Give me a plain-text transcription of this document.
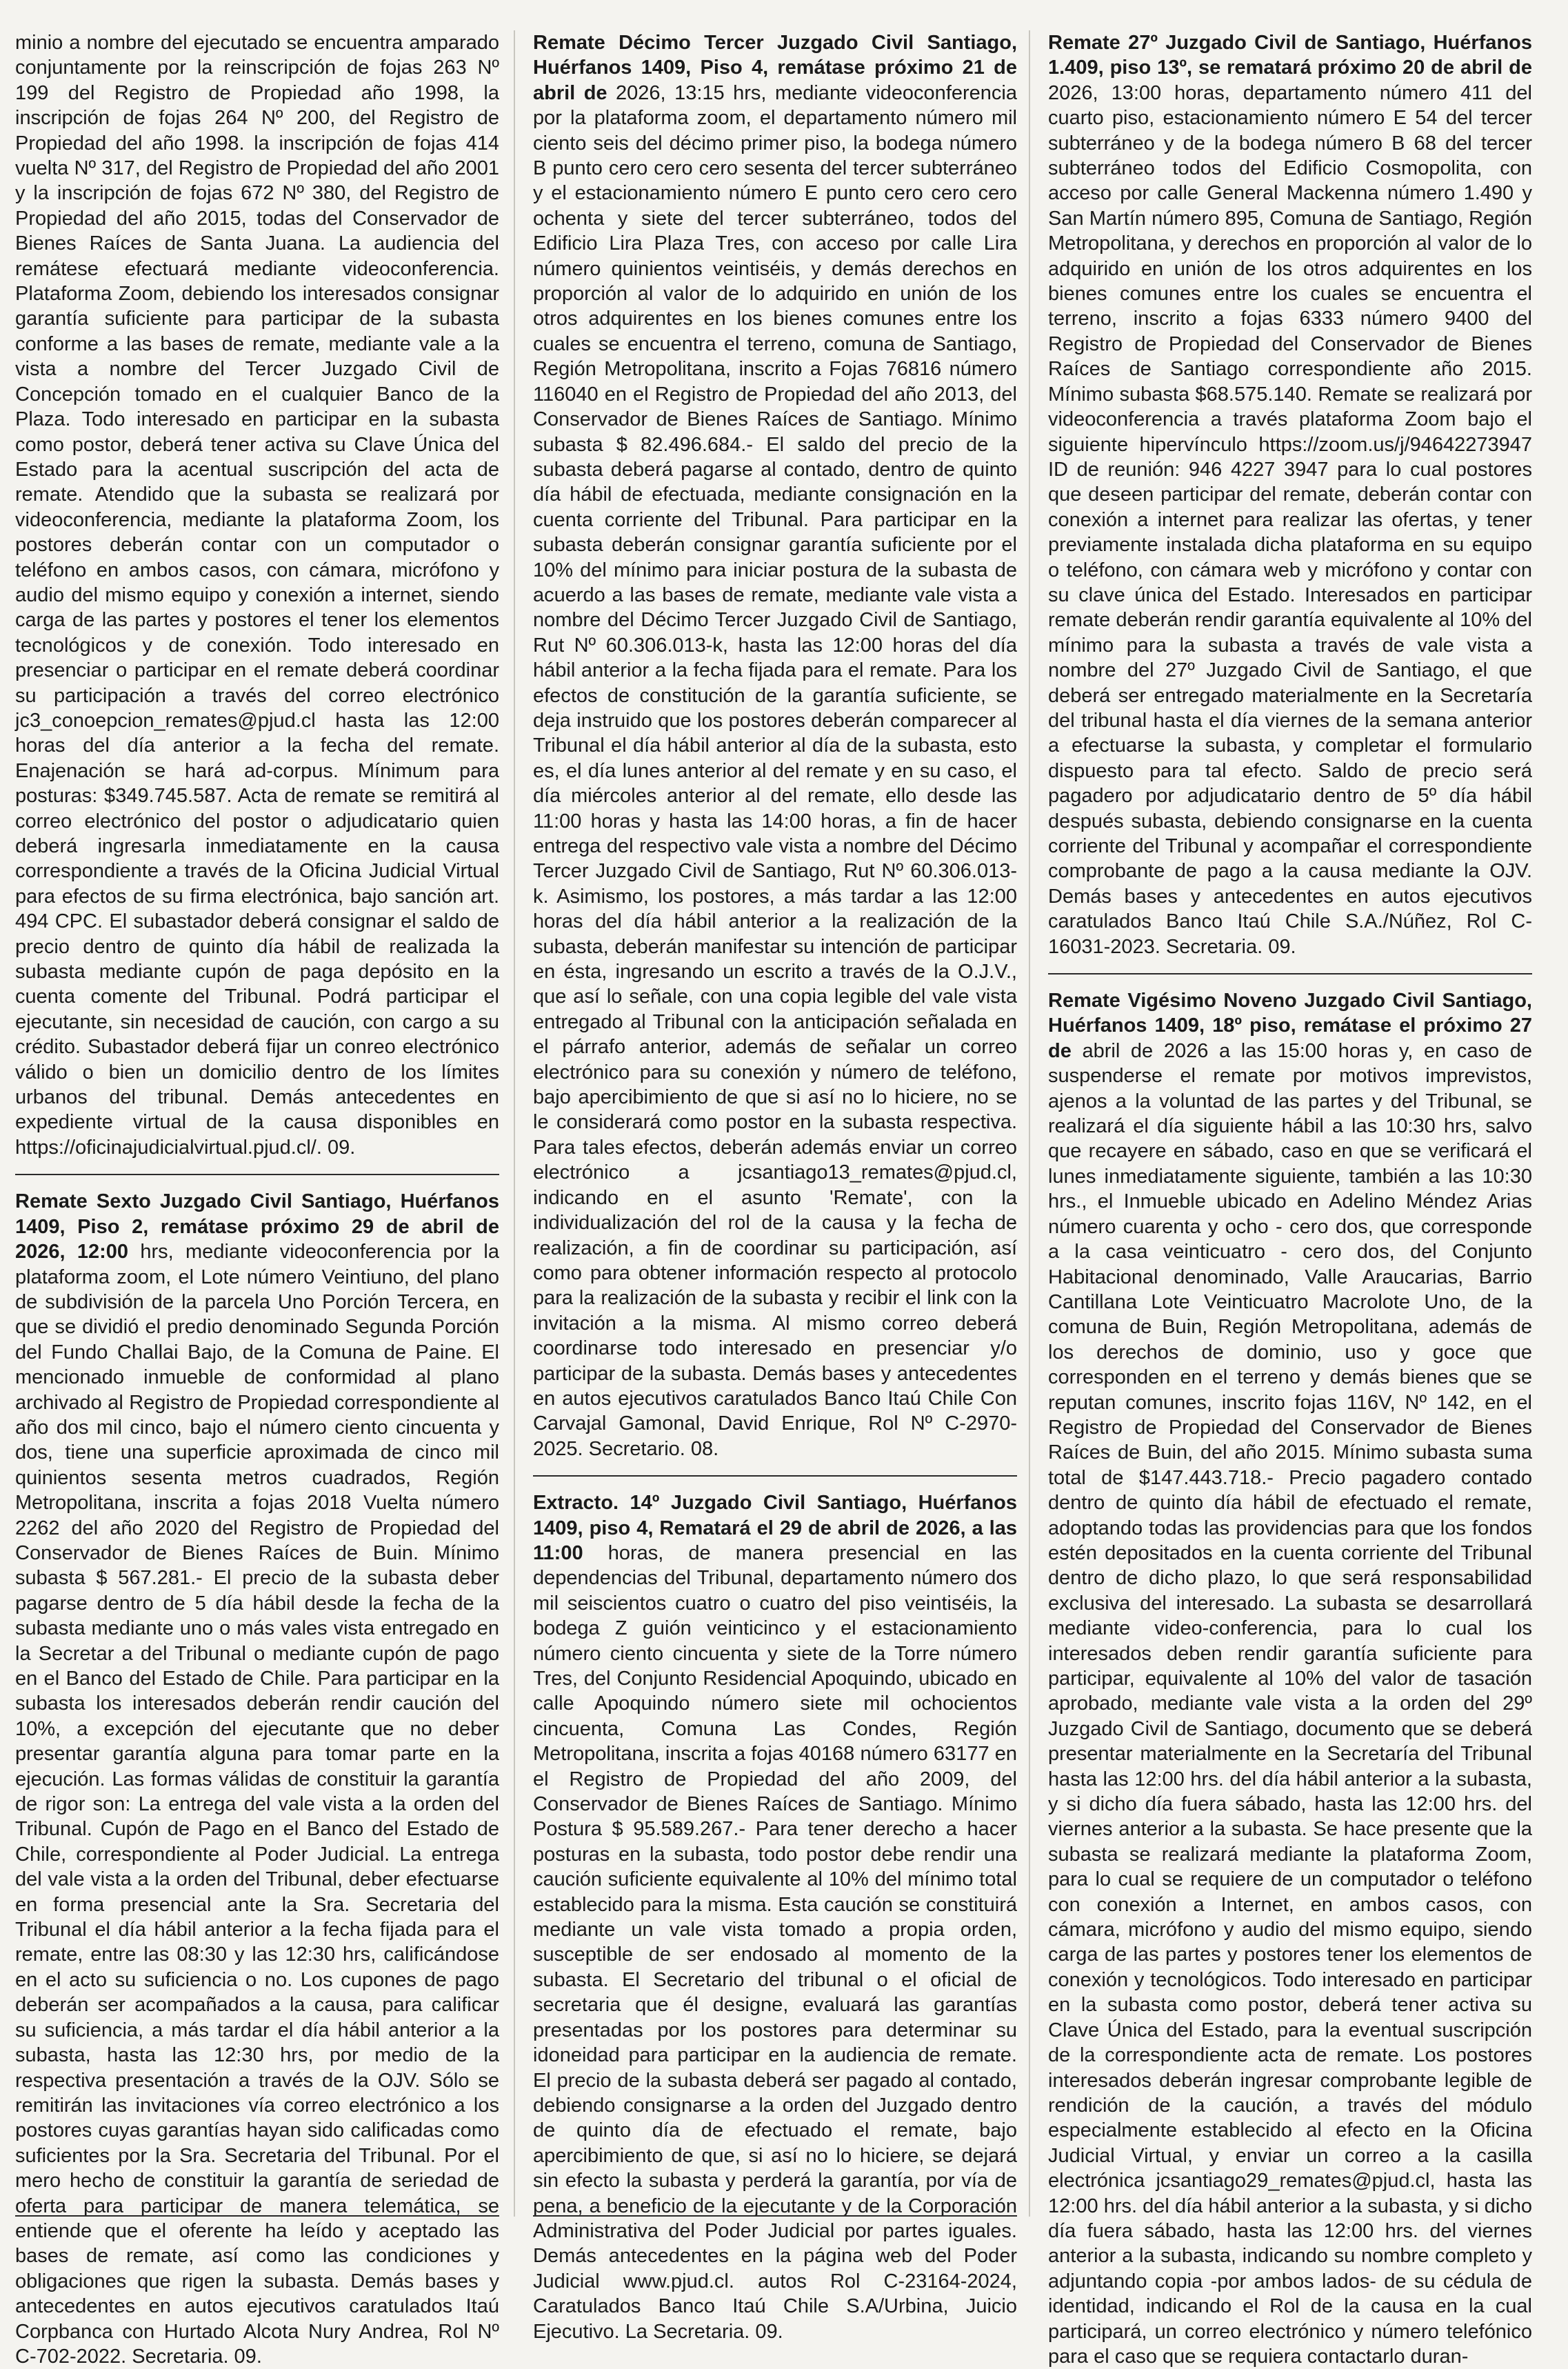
minio a nombre del ejecutado se encuentra amparado conjuntamente por la reinscripción de fojas 263 Nº 199 del Registro de Propiedad año 1998, la inscripción de fojas 264 Nº 200, del Registro de Propiedad del año 1998. la inscripción de fojas 414 vuelta Nº 317, del Registro de Propiedad del año 2001 y la inscripción de fojas 672 Nº 380, del Registro de Propiedad del año 2015, todas del Conservador de Bienes Raíces de Santa Juana. La audiencia del remátese efectuará mediante videoconferencia. Plataforma Zoom, debiendo los interesados consignar garantía suficiente para participar de la subasta conforme a las bases de remate, mediante vale a la vista a nombre del Tercer Juzgado Civil de Concepción tomado en el cualquier Banco de la Plaza. Todo interesado en participar en la subasta como postor, deberá tener activa su Clave Única del Estado para la acentual suscripción del acta de remate. Atendido que la subasta se realizará por videoconferencia, mediante la plataforma Zoom, los postores deberán contar con un computador o teléfono en ambos casos, con cámara, micrófono y audio del mismo equipo y conexión a internet, siendo carga de las partes y postores el tener los elementos tecnológicos y de conexión. Todo interesado en presenciar o participar en el remate deberá coordinar su participación a través del correo electrónico jc3_conoepcion_remates@pjud.cl hasta las 12:00 horas del día anterior a la fecha del remate. Enajenación se hará ad-corpus. Mínimum para posturas: $349.745.587. Acta de remate se remitirá al correo electrónico del postor o adjudicatario quien deberá ingresarla inmediatamente en la causa correspondiente a través de la Oficina Judicial Virtual para efectos de su firma electrónica, bajo sanción art. 494 CPC. El subastador deberá consignar el saldo de precio dentro de quinto día hábil de realizada la subasta mediante cupón de paga depósito en la cuenta comente del Tribunal. Podrá participar el ejecutante, sin necesidad de caución, con cargo a su crédito. Subastador deberá fijar un conreo electrónico válido o bien un domicilio dentro de los límites urbanos del tribunal. Demás antecedentes en expediente virtual de la causa disponibles en https://oficinajudicialvirtual.pjud.cl/. 09.

Remate Sexto Juzgado Civil Santiago, Huérfanos 1409, Piso 2, remátase próximo 29 de abril de 2026, 12:00 hrs, mediante videoconferencia por la plataforma zoom, el Lote número Veintiuno, del plano de subdivisión de la parcela Uno Porción Tercera, en que se dividió el predio denominado Segunda Porción del Fundo Challai Bajo, de la Comuna de Paine. El mencionado inmueble de conformidad al plano archivado al Registro de Propiedad correspondiente al año dos mil cinco, bajo el número ciento cincuenta y dos, tiene una superficie aproximada de cinco mil quinientos sesenta metros cuadrados, Región Metropolitana, inscrita a fojas 2018 Vuelta número 2262 del año 2020 del Registro de Propiedad del Conservador de Bienes Raíces de Buin. Mínimo subasta $ 567.281.- El precio de la subasta deber pagarse dentro de 5 día hábil desde la fecha de la subasta mediante uno o más vales vista entregado en la Secretar a del Tribunal o mediante cupón de pago en el Banco del Estado de Chile. Para participar en la subasta los interesados deberán rendir caución del 10%, a excepción del ejecutante que no deber presentar garantía alguna para tomar parte en la ejecución. Las formas válidas de constituir la garantía de rigor son: La entrega del vale vista a la orden del Tribunal. Cupón de Pago en el Banco del Estado de Chile, correspondiente al Poder Judicial. La entrega del vale vista a la orden del Tribunal, deber efectuarse en forma presencial ante la Sra. Secretaria del Tribunal el día hábil anterior a la fecha fijada para el remate, entre las 08:30 y las 12:30 hrs, calificándose en el acto su suficiencia o no. Los cupones de pago deberán ser acompañados a la causa, para calificar su suficiencia, a más tardar el día hábil anterior a la subasta, hasta las 12:30 hrs, por medio de la respectiva presentación a través de la OJV. Sólo se remitirán las invitaciones vía correo electrónico a los postores cuyas garantías hayan sido calificadas como suficientes por la Sra. Secretaria del Tribunal. Por el mero hecho de constituir la garantía de seriedad de oferta para participar de manera telemática, se entiende que el oferente ha leído y aceptado las bases de remate, así como las condiciones y obligaciones que rigen la subasta. Demás bases y antecedentes en autos ejecutivos caratulados Itaú Corpbanca con Hurtado Alcota Nury Andrea, Rol Nº C-702-2022. Secretaria. 09.

Remate Décimo Tercer Juzgado Civil Santiago, Huérfanos 1409, Piso 4, remátase próximo 21 de abril de 2026, 13:15 hrs, mediante videoconferencia por la plataforma zoom, el departamento número mil ciento seis del décimo primer piso, la bodega número B punto cero cero cero sesenta del tercer subterráneo y el estacionamiento número E punto cero cero cero ochenta y siete del tercer subterráneo, todos del Edificio Lira Plaza Tres, con acceso por calle Lira número quinientos veintiséis, y demás derechos en proporción al valor de lo adquirido en unión de los otros adquirentes en los bienes comunes entre los cuales se encuentra el terreno, comuna de Santiago, Región Metropolitana, inscrito a Fojas 76816 número 116040 en el Registro de Propiedad del año 2013, del Conservador de Bienes Raíces de Santiago. Mínimo subasta $ 82.496.684.- El saldo del precio de la subasta deberá pagarse al contado, dentro de quinto día hábil de efectuada, mediante consignación en la cuenta corriente del Tribunal. Para participar en la subasta deberán consignar garantía suficiente por el 10% del mínimo para iniciar postura de la subasta de acuerdo a las bases de remate, mediante vale vista a nombre del Décimo Tercer Juzgado Civil de Santiago, Rut Nº 60.306.013-k, hasta las 12:00 horas del día hábil anterior a la fecha fijada para el remate. Para los efectos de constitución de la garantía suficiente, se deja instruido que los postores deberán comparecer al Tribunal el día hábil anterior al día de la subasta, esto es, el día lunes anterior al del remate y en su caso, el día miércoles anterior al del remate, ello desde las 11:00 horas y hasta las 14:00 horas, a fin de hacer entrega del respectivo vale vista a nombre del Décimo Tercer Juzgado Civil de Santiago, Rut Nº 60.306.013-k. Asimismo, los postores, a más tardar a las 12:00 horas del día hábil anterior a la realización de la subasta, deberán manifestar su intención de participar en ésta, ingresando un escrito a través de la O.J.V., que así lo señale, con una copia legible del vale vista entregado al Tribunal con la anticipación señalada en el párrafo anterior, además de señalar un correo electrónico para su conexión y número de teléfono, bajo apercibimiento de que si así no lo hiciere, no se le considerará como postor en la subasta respectiva. Para tales efectos, deberán además enviar un correo electrónico a jcsantiago13_remates@pjud.cl, indicando en el asunto 'Remate', con la individualización del rol de la causa y la fecha de realización, a fin de coordinar su participación, así como para obtener información respecto al protocolo para la realización de la subasta y recibir el link con la invitación a la misma. Al mismo correo deberá coordinarse todo interesado en presenciar y/o participar de la subasta. Demás bases y antecedentes en autos ejecutivos caratulados Banco Itaú Chile Con Carvajal Gamonal, David Enrique, Rol Nº C-2970-2025. Secretario. 08.

Extracto. 14º Juzgado Civil Santiago, Huérfanos 1409, piso 4, Rematará el 29 de abril de 2026, a las 11:00 horas, de manera presencial en las dependencias del Tribunal, departamento número dos mil seiscientos cuatro o cuatro del piso veintiséis, la bodega Z guión veinticinco y el estacionamiento número ciento cincuenta y siete de la Torre número Tres, del Conjunto Residencial Apoquindo, ubicado en calle Apoquindo número siete mil ochocientos cincuenta, Comuna Las Condes, Región Metropolitana, inscrita a fojas 40168 número 63177 en el Registro de Propiedad del año 2009, del Conservador de Bienes Raíces de Santiago. Mínimo Postura $ 95.589.267.- Para tener derecho a hacer posturas en la subasta, todo postor debe rendir una caución suficiente equivalente al 10% del mínimo total establecido para la misma. Esta caución se constituirá mediante un vale vista tomado a propia orden, susceptible de ser endosado al momento de la subasta. El Secretario del tribunal o el oficial de secretaria que él designe, evaluará las garantías presentadas por los postores para determinar su idoneidad para participar en la audiencia de remate. El precio de la subasta deberá ser pagado al contado, debiendo consignarse a la orden del Juzgado dentro de quinto día de efectuado el remate, bajo apercibimiento de que, si así no lo hiciere, se dejará sin efecto la subasta y perderá la garantía, por vía de pena, a beneficio de la ejecutante y de la Corporación Administrativa del Poder Judicial por partes iguales. Demás antecedentes en la página web del Poder Judicial www.pjud.cl. autos Rol C-23164-2024, Caratulados Banco Itaú Chile S.A/Urbina, Juicio Ejecutivo. La Secretaria. 09.

Remate 27º Juzgado Civil de Santiago, Huérfanos 1.409, piso 13º, se rematará próximo 20 de abril de 2026, 13:00 horas, departamento número 411 del cuarto piso, estacionamiento número E 54 del tercer subterráneo y de la bodega número B 68 del tercer subterráneo todos del Edificio Cosmopolita, con acceso por calle General Mackenna número 1.490 y San Martín número 895, Comuna de Santiago, Región Metropolitana, y derechos en proporción al valor de lo adquirido en unión de los otros adquirentes en los bienes comunes entre los cuales se encuentra el terreno, inscrito a fojas 6333 número 9400 del Registro de Propiedad del Conservador de Bienes Raíces de Santiago correspondiente año 2015. Mínimo subasta $68.575.140. Remate se realizará por videoconferencia a través plataforma Zoom bajo el siguiente hipervínculo https://zoom.us/j/94642273947 ID de reunión: 946 4227 3947 para lo cual postores que deseen participar del remate, deberán contar con conexión a internet para realizar las ofertas, y tener previamente instalada dicha plataforma en su equipo o teléfono, con cámara web y micrófono y contar con su clave única del Estado. Interesados en participar remate deberán rendir garantía equivalente al 10% del mínimo para la subasta a través de vale vista a nombre del 27º Juzgado Civil de Santiago, el que deberá ser entregado materialmente en la Secretaría del tribunal hasta el día viernes de la semana anterior a efectuarse la subasta, y completar el formulario dispuesto para tal efecto. Saldo de precio será pagadero por adjudicatario dentro de 5º día hábil después subasta, debiendo consignarse en la cuenta corriente del Tribunal y acompañar el correspondiente comprobante de pago a la causa mediante la OJV. Demás bases y antecedentes en autos ejecutivos caratulados Banco Itaú Chile S.A./Núñez, Rol C-16031-2023. Secretaria. 09.

Remate Vigésimo Noveno Juzgado Civil Santiago, Huérfanos 1409, 18º piso, remátase el próximo 27 de abril de 2026 a las 15:00 horas y, en caso de suspenderse el remate por motivos imprevistos, ajenos a la voluntad de las partes y del Tribunal, se realizará el día siguiente hábil a las 10:30 hrs, salvo que recayere en sábado, caso en que se verificará el lunes inmediatamente siguiente, también a las 10:30 hrs., el Inmueble ubicado en Adelino Méndez Arias número cuarenta y ocho - cero dos, que corresponde a la casa veinticuatro - cero dos, del Conjunto Habitacional denominado, Valle Araucarias, Barrio Cantillana Lote Veinticuatro Macrolote Uno, de la comuna de Buin, Región Metropolitana, además de los derechos de dominio, uso y goce que corresponden en el terreno y demás bienes que se reputan comunes, inscrito fojas 116V, Nº 142, en el Registro de Propiedad del Conservador de Bienes Raíces de Buin, del año 2015. Mínimo subasta suma total de $147.443.718.- Precio pagadero contado dentro de quinto día hábil de efectuado el remate, adoptando todas las providencias para que los fondos estén depositados en la cuenta corriente del Tribunal dentro de dicho plazo, lo que será responsabilidad exclusiva del interesado. La subasta se desarrollará mediante video-conferencia, para lo cual los interesados deben rendir garantía suficiente para participar, equivalente al 10% del valor de tasación aprobado, mediante vale vista a la orden del 29º Juzgado Civil de Santiago, documento que se deberá presentar materialmente en la Secretaría del Tribunal hasta las 12:00 hrs. del día hábil anterior a la subasta, y si dicho día fuera sábado, hasta las 12:00 hrs. del viernes anterior a la subasta. Se hace presente que la subasta se realizará mediante la plataforma Zoom, para lo cual se requiere de un computador o teléfono con conexión a Internet, en ambos casos, con cámara, micrófono y audio del mismo equipo, siendo carga de las partes y postores tener los elementos de conexión y tecnológicos. Todo interesado en participar en la subasta como postor, deberá tener activa su Clave Única del Estado, para la eventual suscripción de la correspondiente acta de remate. Los postores interesados deberán ingresar comprobante legible de rendición de la caución, a través del módulo especialmente establecido al efecto en la Oficina Judicial Virtual, y enviar un correo a la casilla electrónica jcsantiago29_remates@pjud.cl, hasta las 12:00 hrs. del día hábil anterior a la subasta, y si dicho día fuera sábado, hasta las 12:00 hrs. del viernes anterior a la subasta, indicando su nombre completo y adjuntando copia -por ambos lados- de su cédula de identidad, indicando el Rol de la causa en la cual participará, un correo electrónico y número telefónico para el caso que se requiera contactarlo duran-
